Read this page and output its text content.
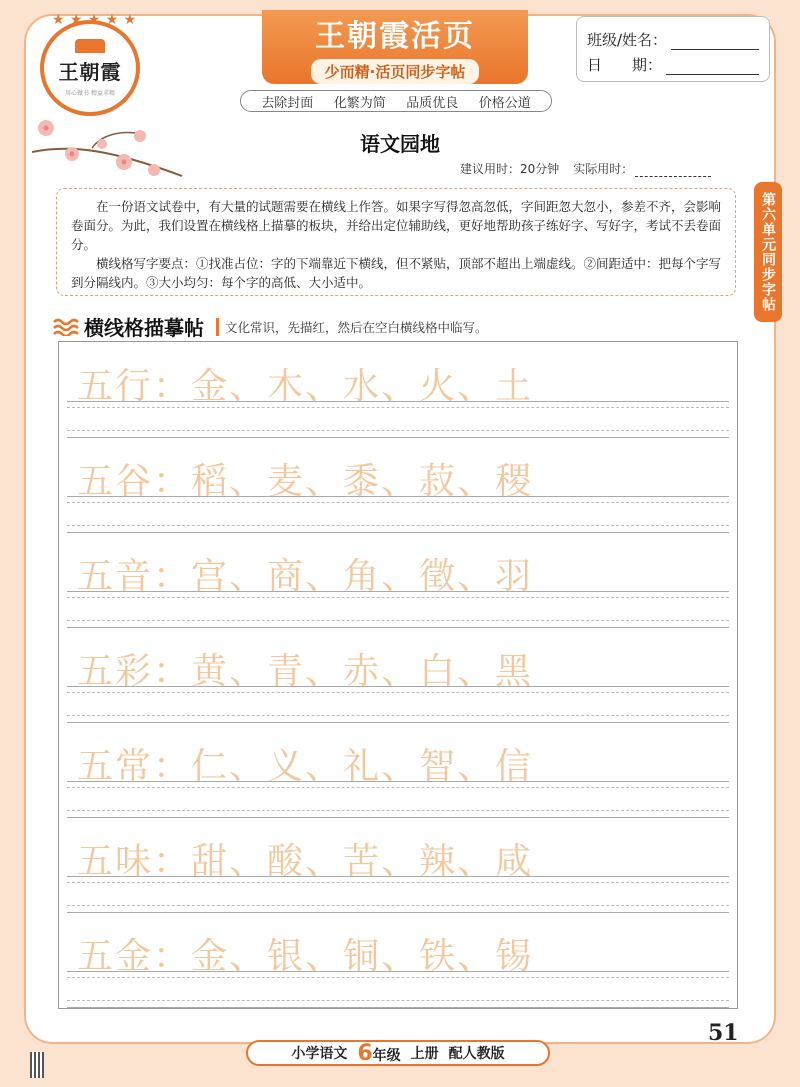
★ ★ ★ ★ ★
王朝霞
用心做书 精益求精
王朝霞活页
少而精·活页同步字帖
班级/姓名：
日　　期：
去除封面 化繁为简 品质优良 价格公道
语文园地
建议用时：20分钟 实际用时：

在一份语文试卷中，有大量的试题需要在横线上作答。如果字写得忽高忽低，字间距忽大忽小，参差不齐，会影响卷面分。为此，我们设置在横线格上描摹的板块，并给出定位辅助线，更好地帮助孩子练好字、写好字，考试不丢卷面分。

横线格写字要点：①找准占位：字的下端靠近下横线，但不紧贴，顶部不超出上端虚线。②间距适中：把每个字写到分隔线内。③大小均匀：每个字的高低、大小适中。	第六单元同步字帖
横线格描摹帖	文化常识，先描红，然后在空白横线格中临写。
五行：金、木、水、火、土
五谷：稻、麦、黍、菽、稷
五音：宫、商、角、徵、羽
五彩：黄、青、赤、白、黑
五常：仁、义、礼、智、信
五味：甜、酸、苦、辣、咸
五金：金、银、铜、铁、锡
51
小学语文 6年级 上册 配人教版
